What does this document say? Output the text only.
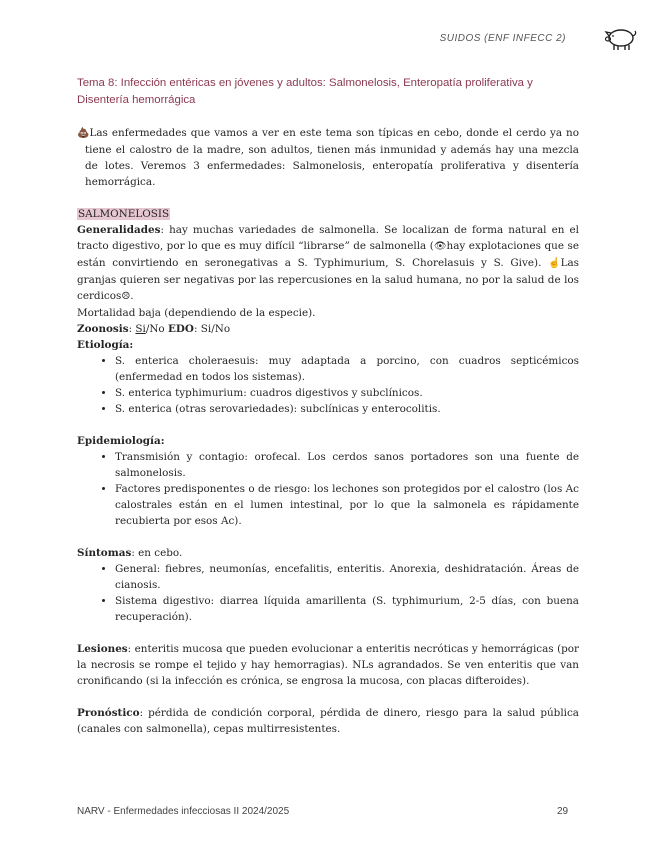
SUIDOS (ENF INFECC 2)
Tema 8: Infección entéricas en jóvenes y adultos: Salmonelosis, Enteropatía proliferativa y Disentería hemorrágica

💩Las enfermedades que vamos a ver en este tema son típicas en cebo, donde el cerdo ya no tiene el calostro de la madre, son adultos, tienen más inmunidad y además hay una mezcla de lotes. Veremos 3 enfermedades: Salmonelosis, enteropatía proliferativa y disentería hemorrágica.

SALMONELOSIS

Generalidades: hay muchas variedades de salmonella. Se localizan de forma natural en el tracto digestivo, por lo que es muy difícil “librarse” de salmonella (👁hay explotaciones que se están convirtiendo en seronegativas a S. Typhimurium, S. Chorelasuis y S. Give). ☝Las granjas quieren ser negativas por las repercusiones en la salud humana, no por la salud de los cerdicos☹.

Mortalidad baja (dependiendo de la especie).

Zoonosis: Si/No EDO: Si/No

Etiología:

• S. enterica choleraesuis: muy adaptada a porcino, con cuadros septicémicos (enfermedad en todos los sistemas).
• S. enterica typhimurium: cuadros digestivos y subclínicos.
• S. enterica (otras serovariedades): subclínicas y enterocolitis.

Epidemiología:

• Transmisión y contagio: orofecal. Los cerdos sanos portadores son una fuente de salmonelosis.
• Factores predisponentes o de riesgo: los lechones son protegidos por el calostro (los Ac calostrales están en el lumen intestinal, por lo que la salmonela es rápidamente recubierta por esos Ac).

Síntomas: en cebo.

• General: fiebres, neumonías, encefalitis, enteritis. Anorexia, deshidratación. Áreas de cianosis.
• Sistema digestivo: diarrea líquida amarillenta (S. typhimurium, 2-5 días, con buena recuperación).

Lesiones: enteritis mucosa que pueden evolucionar a enteritis necróticas y hemorrágicas (por la necrosis se rompe el tejido y hay hemorragias). NLs agrandados. Se ven enteritis que van cronificando (si la infección es crónica, se engrosa la mucosa, con placas difteroides).

Pronóstico: pérdida de condición corporal, pérdida de dinero, riesgo para la salud pública (canales con salmonella), cepas multirresistentes.

NARV - Enfermedades infecciosas II 2024/2025	29
